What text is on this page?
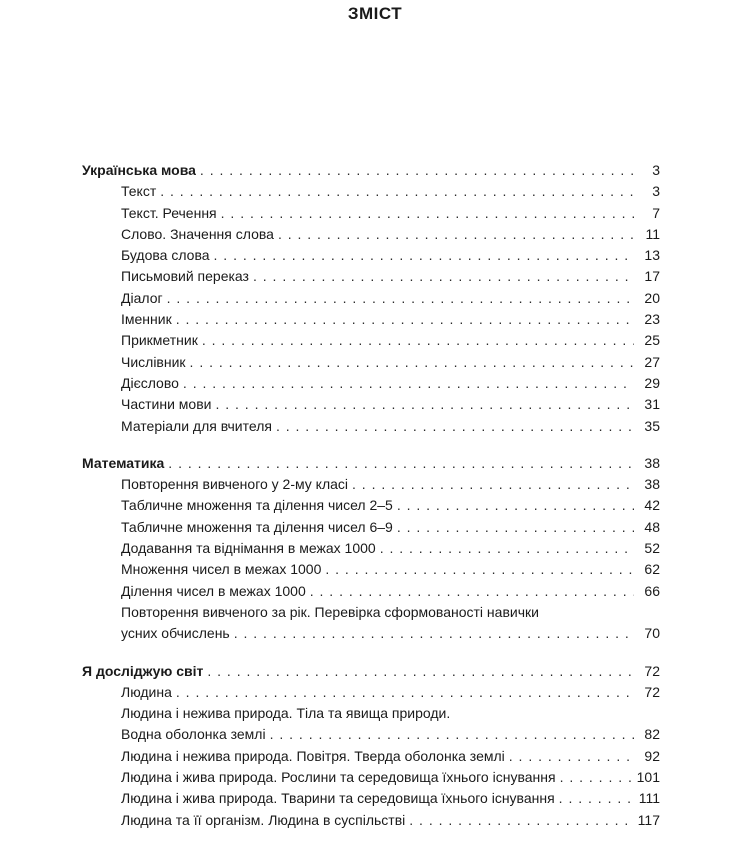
ЗМІСТ
Українська мова . . .	3
Текст . . .	3
Текст. Речення . . .	7
Слово. Значення слова . . .	11
Будова слова . . .	13
Письмовий переказ . . .	17
Діалог . . .	20
Іменник . . .	23
Прикметник . . .	25
Числівник . . .	27
Дієслово . . .	29
Частини мови . . .	31
Матеріали для вчителя . . .	35
Математика . . .	38
Повторення вивченого у 2-му класі . . .	38
Табличне множення та ділення чисел 2–5 . . .	42
Табличне множення та ділення чисел 6–9 . . .	48
Додавання та віднімання в межах 1000 . . .	52
Множення чисел в межах 1000 . . .	62
Ділення чисел в межах 1000 . . .	66
Повторення вивченого за рік. Перевірка сформованості навички
усних обчислень . . .	70
Я досліджую світ . . .	72
Людина . . .	72
Людина і нежива природа. Тіла та явища природи.
Водна оболонка землі . . .	82
Людина і нежива природа. Повітря. Тверда оболонка землі . . .	92
Людина і жива природа. Рослини та середовища їхнього існування . . .	101
Людина і жива природа. Тварини та середовища їхнього існування . . .	111
Людина та її організм. Людина в суспільстві . . .	117
